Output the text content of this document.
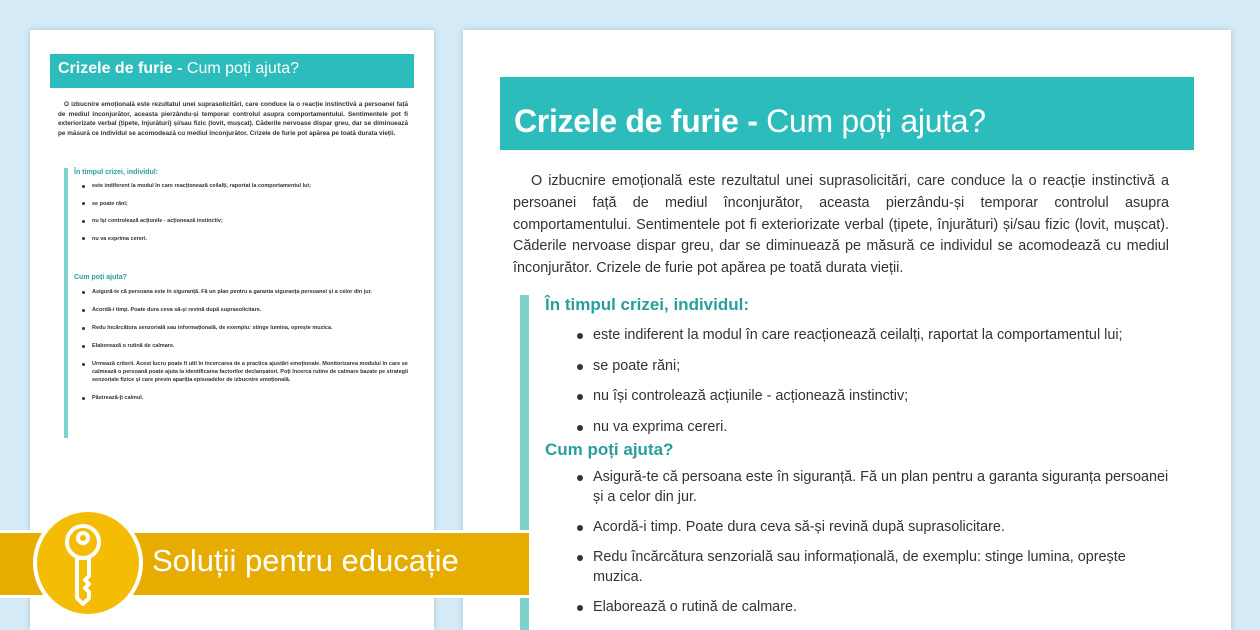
Crizele de furie - Cum poți ajuta?

O izbucnire emoțională este rezultatul unei suprasolicitări, care conduce la o reacție instinctivă a persoanei față de mediul înconjurător, aceasta pierzându-și temporar controlul asupra comportamentului. Sentimentele pot fi exteriorizate verbal (țipete, înjurături) și/sau fizic (lovit, mușcat). Căderile nervoase dispar greu, dar se diminuează pe măsură ce individul se acomodează cu mediul înconjurător. Crizele de furie pot apărea pe toată durata vieții.

În timpul crizei, individul:
este indiferent la modul în care reacționează ceilalți, raportat la comportamentul lui;
se poate răni;
nu își controlează acțiunile - acționează instinctiv;
nu va exprima cereri.
Cum poți ajuta?
Asigură-te că persoana este în siguranță. Fă un plan pentru a garanta siguranța persoanei și a celor din jur.
Acordă-i timp. Poate dura ceva să-și revină după suprasolicitare.
Redu încărcătura senzorială sau informațională, de exemplu: stinge lumina, oprește muzica.
Elaborează o rutină de calmare.
Urmează criterii. Acest lucru poate fi util în încercarea de a practica ajustări emoționale. Monitorizarea modului în care se calmează o persoană poate ajuta la identificarea factorilor declanșatori. Poți încerca rutine de calmare bazate pe strategii senzoriale fizice și care previn apariția episoadelor de izbucnire emoțională.
Păstrează-ți calmul.
Crizele de furie - Cum poți ajuta?

O izbucnire emoțională este rezultatul unei suprasolicitări, care conduce la o reacție instinctivă a persoanei față de mediul înconjurător, aceasta pierzându-și temporar controlul asupra comportamentului. Sentimentele pot fi exteriorizate verbal (țipete, înjurături) și/sau fizic (lovit, mușcat). Căderile nervoase dispar greu, dar se diminuează pe măsură ce individul se acomodează cu mediul înconjurător. Crizele de furie pot apărea pe toată durata vieții.

În timpul crizei, individul:
este indiferent la modul în care reacționează ceilalți, raportat la comportamentul lui;
se poate răni;
nu își controlează acțiunile - acționează instinctiv;
nu va exprima cereri.
Cum poți ajuta?
Asigură-te că persoana este în siguranță. Fă un plan pentru a garanta siguranța persoanei și a celor din jur.
Acordă-i timp. Poate dura ceva să-și revină după suprasolicitare.
Redu încărcătura senzorială sau informațională, de exemplu: stinge lumina, oprește muzica.
Elaborează o rutină de calmare.
Soluții pentru educație
